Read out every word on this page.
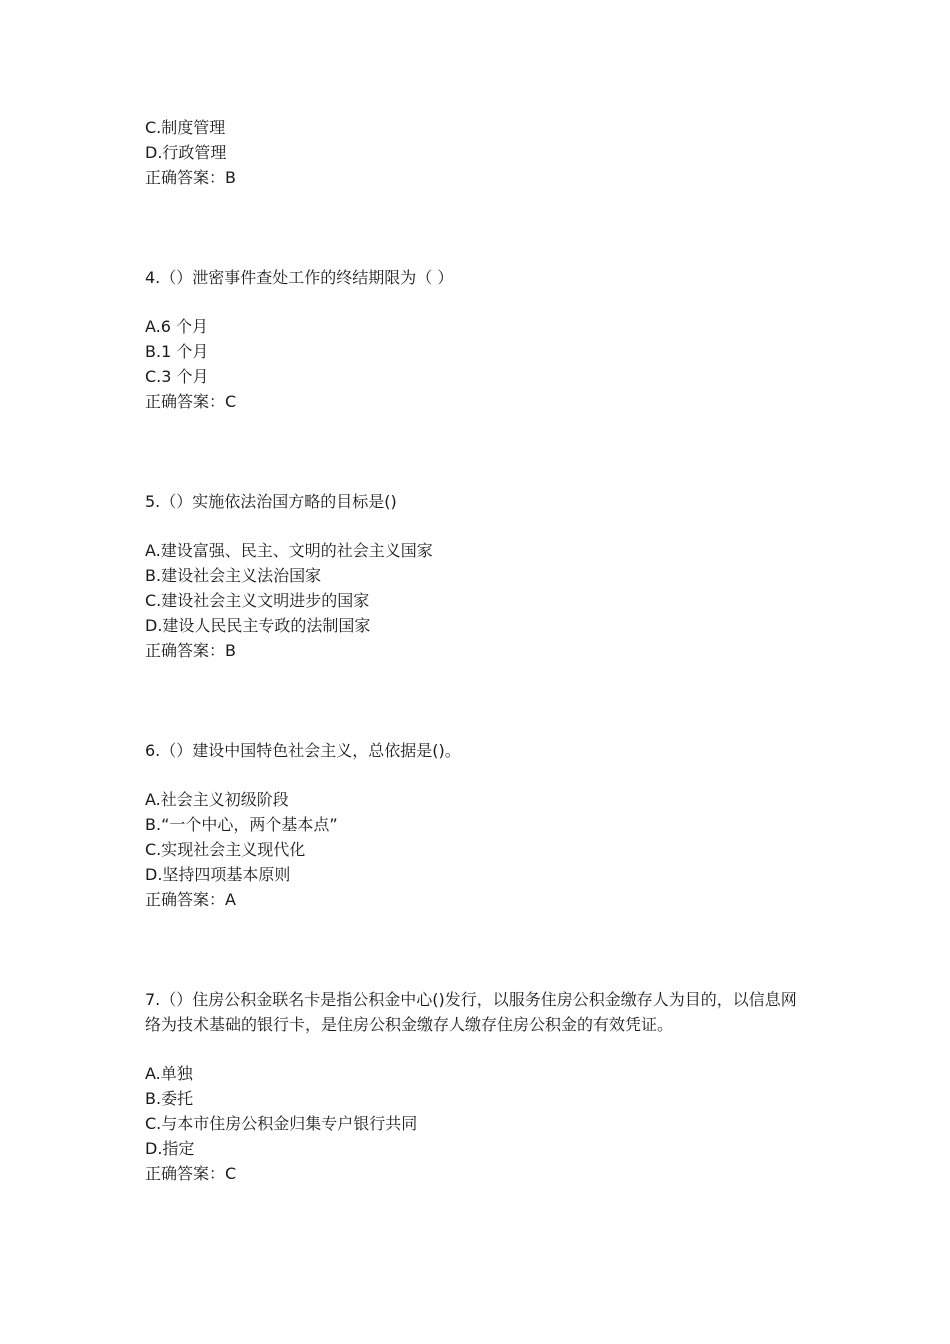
C.制度管理
D.行政管理
正确答案：B
4.（）泄密事件查处工作的终结期限为（ ）
A.6 个月
B.1 个月
C.3 个月
正确答案：C
5.（）实施依法治国方略的目标是()
A.建设富强、民主、文明的社会主义国家
B.建设社会主义法治国家
C.建设社会主义文明进步的国家
D.建设人民民主专政的法制国家
正确答案：B
6.（）建设中国特色社会主义，总依据是()。
A.社会主义初级阶段
B.“一个中心，两个基本点”
C.实现社会主义现代化
D.坚持四项基本原则
正确答案：A
7.（）住房公积金联名卡是指公积金中心()发行，以服务住房公积金缴存人为目的，以信息网络为技术基础的银行卡，是住房公积金缴存人缴存住房公积金的有效凭证。
A.单独
B.委托
C.与本市住房公积金归集专户银行共同
D.指定
正确答案：C
